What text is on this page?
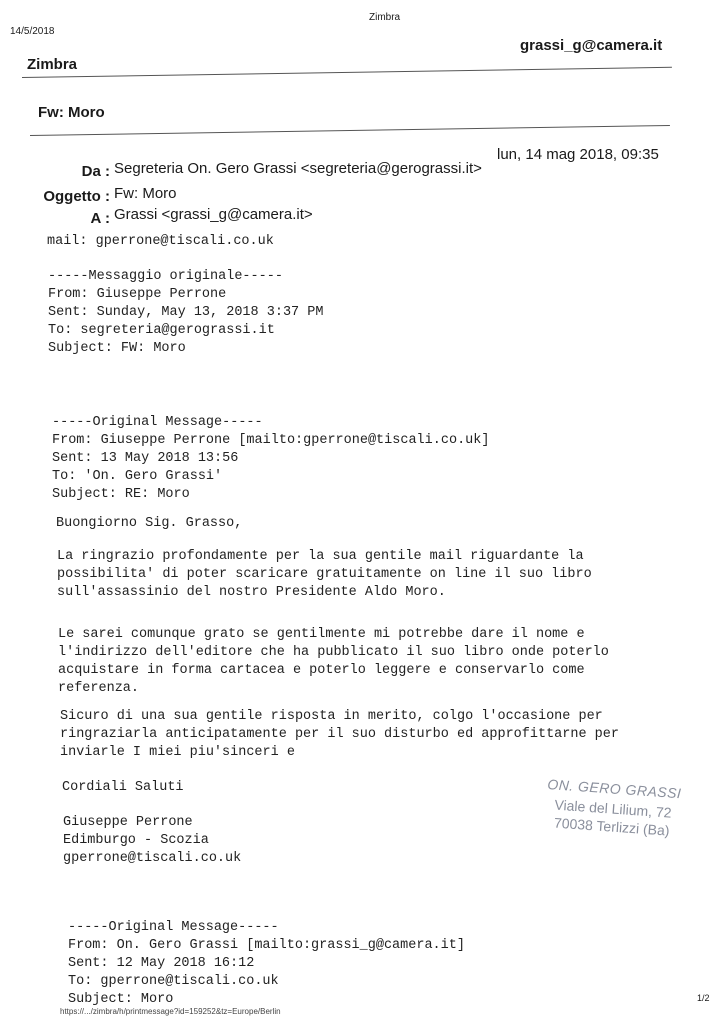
14/5/2018
Zimbra
grassi_g@camera.it
Zimbra
Fw: Moro
Da : Segreteria On. Gero Grassi <segreteria@gerograssi.it>
lun, 14 mag 2018, 09:35
Oggetto : Fw: Moro
A : Grassi <grassi_g@camera.it>
mail: gperrone@tiscali.co.uk
-----Messaggio originale-----
From: Giuseppe Perrone
Sent: Sunday, May 13, 2018 3:37 PM
To: segreteria@gerograssi.it
Subject: FW: Moro
-----Original Message-----
From: Giuseppe Perrone [mailto:gperrone@tiscali.co.uk]
Sent: 13 May 2018 13:56
To: 'On. Gero Grassi'
Subject: RE: Moro
Buongiorno Sig. Grasso,
La ringrazio profondamente per la sua gentile mail riguardante la
possibilita' di poter scaricare gratuitamente on line il suo libro
sull'assassinio del nostro Presidente Aldo Moro.
Le sarei comunque grato se gentilmente mi potrebbe dare il nome e
l'indirizzo dell'editore che ha pubblicato il suo libro onde poterlo
acquistare in forma cartacea e poterlo leggere e conservarlo come
referenza.
Sicuro di una sua gentile risposta in merito, colgo l'occasione per
ringraziarla anticipatamente per il suo disturbo ed approfittarne per
inviarle I miei piu'sinceri e
Cordiali Saluti
Giuseppe Perrone
Edimburgo - Scozia
gperrone@tiscali.co.uk
-----Original Message-----
From: On. Gero Grassi [mailto:grassi_g@camera.it]
Sent: 12 May 2018 16:12
To: gperrone@tiscali.co.uk
Subject: Moro
ON. GERO GRASSI
Viale del Lilium, 72
70038 Terlizzi (Ba)
https://.../zimbra/h/printmessage?id=159252&tz=Europe/Berlin
1/2
